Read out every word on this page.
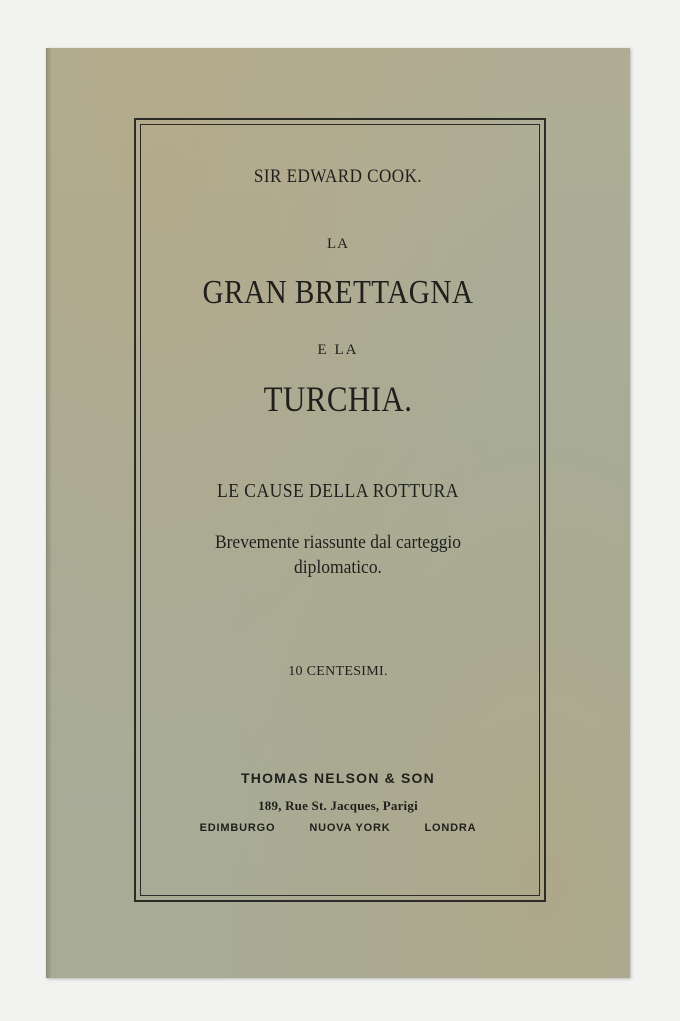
SIR EDWARD COOK.
LA
GRAN BRETTAGNA
E LA
TURCHIA.
LE CAUSE DELLA ROTTURA
Brevemente riassunte dal carteggio
diplomatico.
10 CENTESIMI.
THOMAS NELSON & SON
189, Rue St. Jacques, Parigi
EDIMBURGO	NUOVA YORK	LONDRA
